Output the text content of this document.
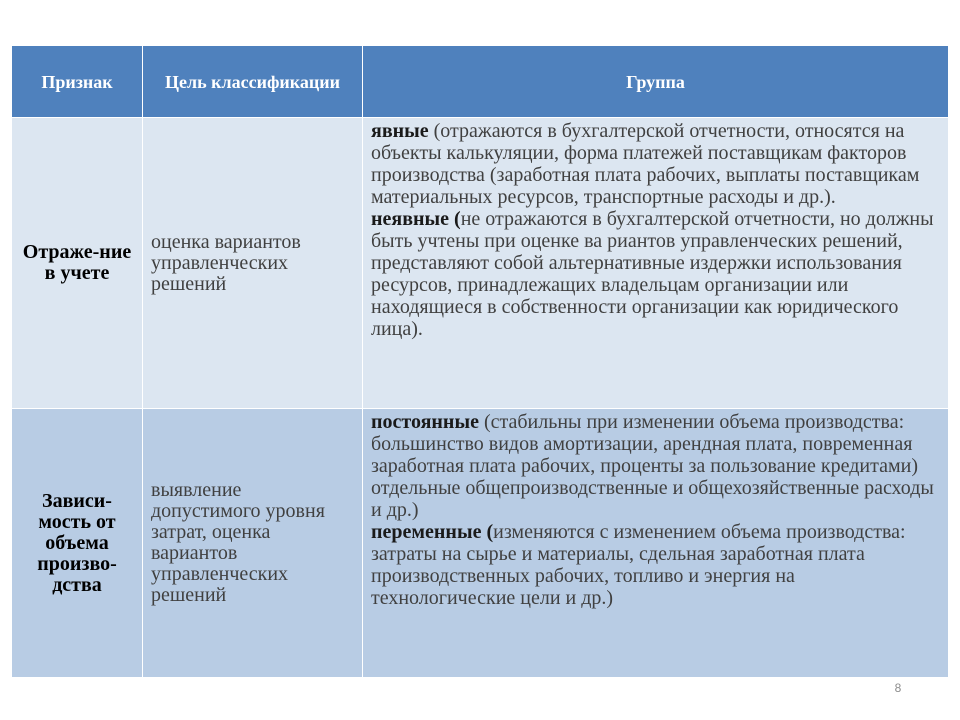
Признак	Цель классификации	Группа
Отраже-ние в учете	оценка вариантов управленческих решений	явные (отражаются в бухгалтерской отчетности, относятся на объекты калькуляции, форма платежей поставщикам факторов производства (заработная плата рабочих, выплаты поставщикам материальных ресурсов, транспортные расходы и др.).

неявные (не отражаются в бухгалтерской отчетности, но должны быть учтены при оценке ва риантов управленческих решений, представляют собой альтернативные издержки использования ресурсов, принадлежащих владельцам организации или находящиеся в собственности организации как юридического лица).

Зависи-мость от объема произво-дства	выявление допустимого уровня затрат, оценка вариантов управленческих решений	постоянные (стабильны при изменении объема производства: большинство видов амортизации, арендная плата, повременная заработная плата рабочих, проценты за пользование кредитами) отдельные общепроизводственные и общехозяйственные расходы и др.)

переменные (изменяются с изменением объема производства: затраты на сырье и материалы, сдельная заработная плата производственных рабочих, топливо и энергия на технологические цели и др.)

8
